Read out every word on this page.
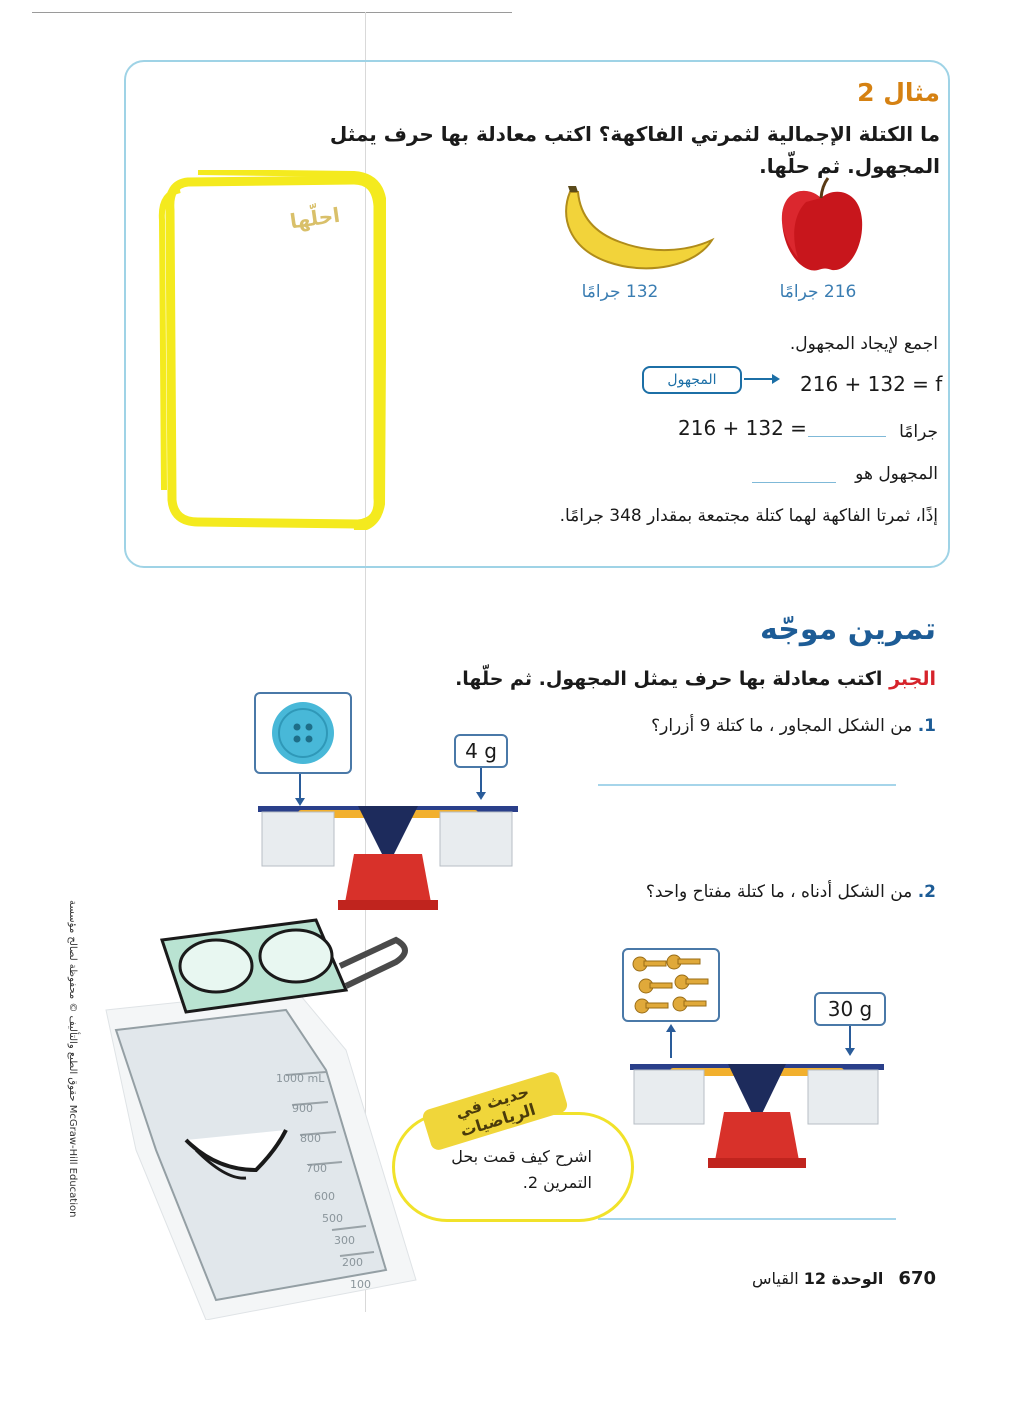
مثال 2
ما الكتلة الإجمالية لثمرتي الفاكهة؟ اكتب معادلة بها حرف يمثل المجهول. ثم حلّها.
احلّها
216 جرامًا
132 جرامًا
اجمع لإيجاد المجهول.
المجهول	216 + 132 = f
216 + 132 =	جرامًا
المجهول هو
إذًا، ثمرتا الفاكهة لهما كتلة مجتمعة بمقدار 348 جرامًا.
تمرين موجّه
الجبر اكتب معادلة بها حرف يمثل المجهول. ثم حلّها.
1. من الشكل المجاور ، ما كتلة 9 أزرار؟
4 g
2. من الشكل أدناه ، ما كتلة مفتاح واحد؟
30 g
1000 mL
900
800
700
600
500
300
200
100
حديث في الرياضيات
اشرح كيف قمت بحل التمرين 2.
حقوق الطبع والتأليف © محفوظة لصالح مؤسسة McGraw-Hill Education
670 الوحدة 12 القياس
